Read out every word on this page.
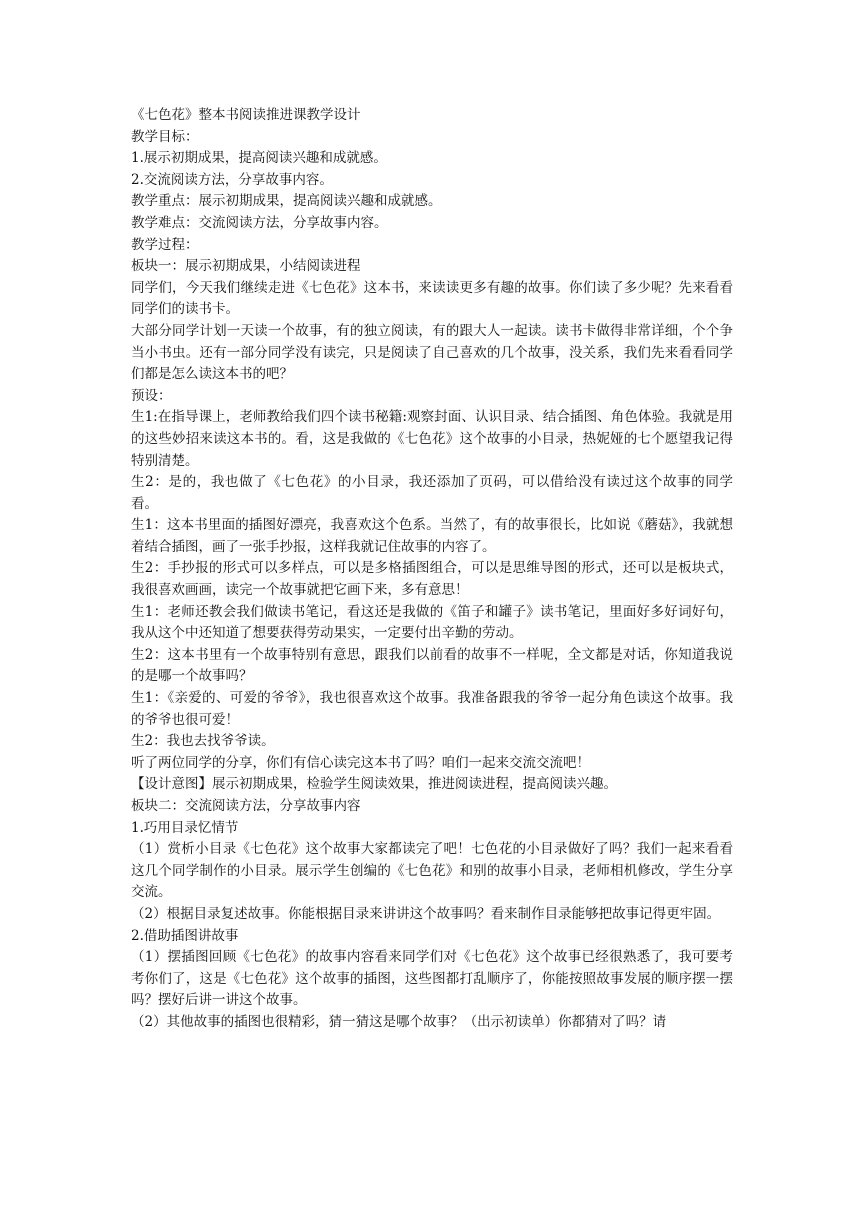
《七色花》整本书阅读推进课教学设计
教学目标：
1.展示初期成果，提高阅读兴趣和成就感。
2.交流阅读方法，分享故事内容。
教学重点：展示初期成果，提高阅读兴趣和成就感。
教学难点：交流阅读方法，分享故事内容。
教学过程：
板块一：展示初期成果，小结阅读进程
同学们，今天我们继续走进《七色花》这本书，来读读更多有趣的故事。你们读了多少呢？先来看看同学们的读书卡。
大部分同学计划一天读一个故事，有的独立阅读，有的跟大人一起读。读书卡做得非常详细，个个争当小书虫。还有一部分同学没有读完，只是阅读了自己喜欢的几个故事，没关系，我们先来看看同学们都是怎么读这本书的吧？
预设：
生1:在指导课上，老师教给我们四个读书秘籍:观察封面、认识目录、结合插图、角色体验。我就是用的这些妙招来读这本书的。看，这是我做的《七色花》这个故事的小目录，热妮娅的七个愿望我记得特别清楚。
生2：是的，我也做了《七色花》的小目录，我还添加了页码，可以借给没有读过这个故事的同学看。
生1：这本书里面的插图好漂亮，我喜欢这个色系。当然了，有的故事很长，比如说《蘑菇》，我就想着结合插图，画了一张手抄报，这样我就记住故事的内容了。
生2：手抄报的形式可以多样点，可以是多格插图组合，可以是思维导图的形式，还可以是板块式，我很喜欢画画，读完一个故事就把它画下来，多有意思！
生1：老师还教会我们做读书笔记，看这还是我做的《笛子和罐子》读书笔记，里面好多好词好句，我从这个中还知道了想要获得劳动果实，一定要付出辛勤的劳动。
生2：这本书里有一个故事特别有意思，跟我们以前看的故事不一样呢，全文都是对话，你知道我说的是哪一个故事吗？
生1：《亲爱的、可爱的爷爷》，我也很喜欢这个故事。我准备跟我的爷爷一起分角色读这个故事。我的爷爷也很可爱！
生2：我也去找爷爷读。
听了两位同学的分享，你们有信心读完这本书了吗？咱们一起来交流交流吧！
【设计意图】展示初期成果，检验学生阅读效果，推进阅读进程，提高阅读兴趣。
板块二：交流阅读方法，分享故事内容
1.巧用目录忆情节
（1）赏析小目录《七色花》这个故事大家都读完了吧！七色花的小目录做好了吗？我们一起来看看这几个同学制作的小目录。展示学生创编的《七色花》和别的故事小目录，老师相机修改，学生分享交流。
（2）根据目录复述故事。你能根据目录来讲讲这个故事吗？看来制作目录能够把故事记得更牢固。
2.借助插图讲故事
（1）摆插图回顾《七色花》的故事内容看来同学们对《七色花》这个故事已经很熟悉了，我可要考考你们了，这是《七色花》这个故事的插图，这些图都打乱顺序了，你能按照故事发展的顺序摆一摆吗？摆好后讲一讲这个故事。
（2）其他故事的插图也很精彩，猜一猜这是哪个故事？（出示初读单）你都猜对了吗？请
